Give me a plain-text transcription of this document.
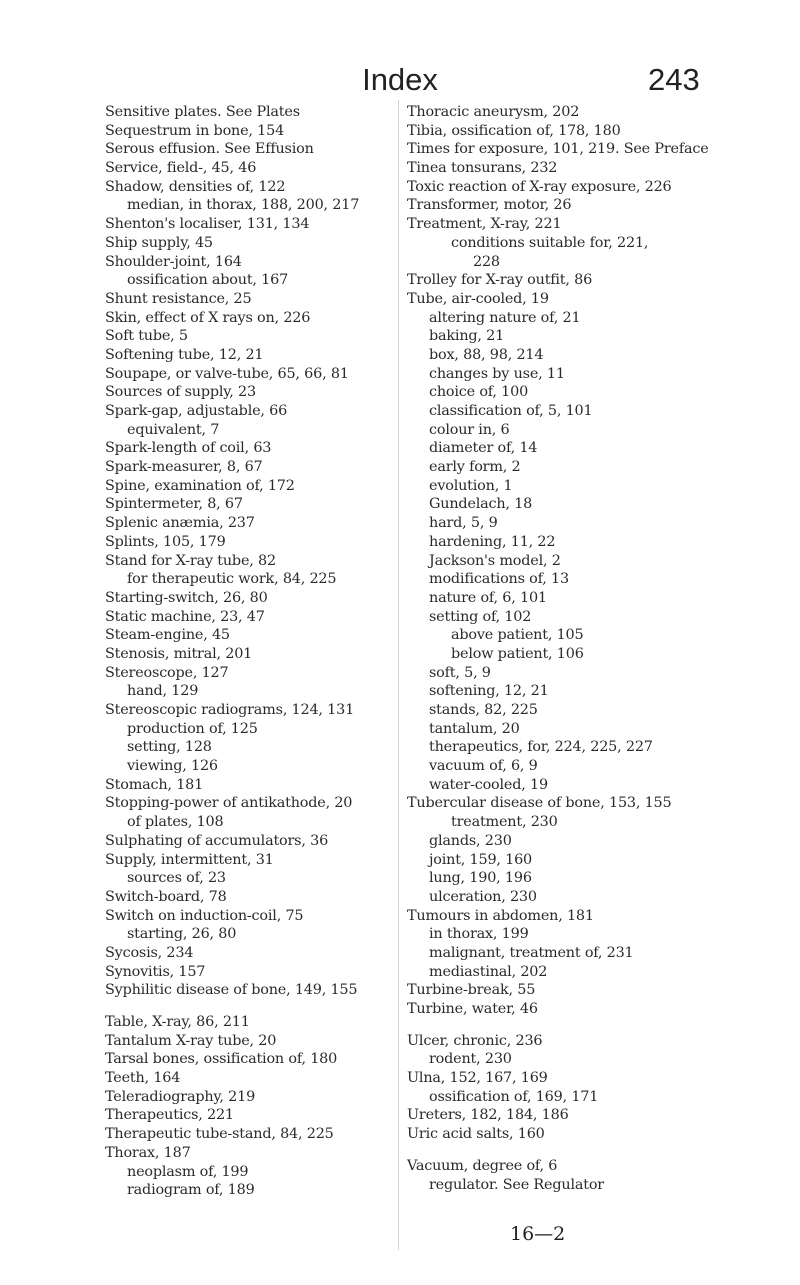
Index	243
Sensitive plates. See Plates
Sequestrum in bone, 154
Serous effusion. See Effusion
Service, field-, 45, 46
Shadow, densities of, 122
median, in thorax, 188, 200, 217
Shenton's localiser, 131, 134
Ship supply, 45
Shoulder-joint, 164
ossification about, 167
Shunt resistance, 25
Skin, effect of X rays on, 226
Soft tube, 5
Softening tube, 12, 21
Soupape, or valve-tube, 65, 66, 81
Sources of supply, 23
Spark-gap, adjustable, 66
equivalent, 7
Spark-length of coil, 63
Spark-measurer, 8, 67
Spine, examination of, 172
Spintermeter, 8, 67
Splenic anæmia, 237
Splints, 105, 179
Stand for X-ray tube, 82
for therapeutic work, 84, 225
Starting-switch, 26, 80
Static machine, 23, 47
Steam-engine, 45
Stenosis, mitral, 201
Stereoscope, 127
hand, 129
Stereoscopic radiograms, 124, 131
production of, 125
setting, 128
viewing, 126
Stomach, 181
Stopping-power of antikathode, 20
of plates, 108
Sulphating of accumulators, 36
Supply, intermittent, 31
sources of, 23
Switch-board, 78
Switch on induction-coil, 75
starting, 26, 80
Sycosis, 234
Synovitis, 157
Syphilitic disease of bone, 149, 155
Table, X-ray, 86, 211
Tantalum X-ray tube, 20
Tarsal bones, ossification of, 180
Teeth, 164
Teleradiography, 219
Therapeutics, 221
Therapeutic tube-stand, 84, 225
Thorax, 187
neoplasm of, 199
radiogram of, 189
Thoracic aneurysm, 202
Tibia, ossification of, 178, 180
Times for exposure, 101, 219. See Preface
Tinea tonsurans, 232
Toxic reaction of X-ray exposure, 226
Transformer, motor, 26
Treatment, X-ray, 221
conditions suitable for, 221,
228
Trolley for X-ray outfit, 86
Tube, air-cooled, 19
altering nature of, 21
baking, 21
box, 88, 98, 214
changes by use, 11
choice of, 100
classification of, 5, 101
colour in, 6
diameter of, 14
early form, 2
evolution, 1
Gundelach, 18
hard, 5, 9
hardening, 11, 22
Jackson's model, 2
modifications of, 13
nature of, 6, 101
setting of, 102
above patient, 105
below patient, 106
soft, 5, 9
softening, 12, 21
stands, 82, 225
tantalum, 20
therapeutics, for, 224, 225, 227
vacuum of, 6, 9
water-cooled, 19
Tubercular disease of bone, 153, 155
treatment, 230
glands, 230
joint, 159, 160
lung, 190, 196
ulceration, 230
Tumours in abdomen, 181
in thorax, 199
malignant, treatment of, 231
mediastinal, 202
Turbine-break, 55
Turbine, water, 46
Ulcer, chronic, 236
rodent, 230
Ulna, 152, 167, 169
ossification of, 169, 171
Ureters, 182, 184, 186
Uric acid salts, 160
Vacuum, degree of, 6
regulator. See Regulator
16—2
